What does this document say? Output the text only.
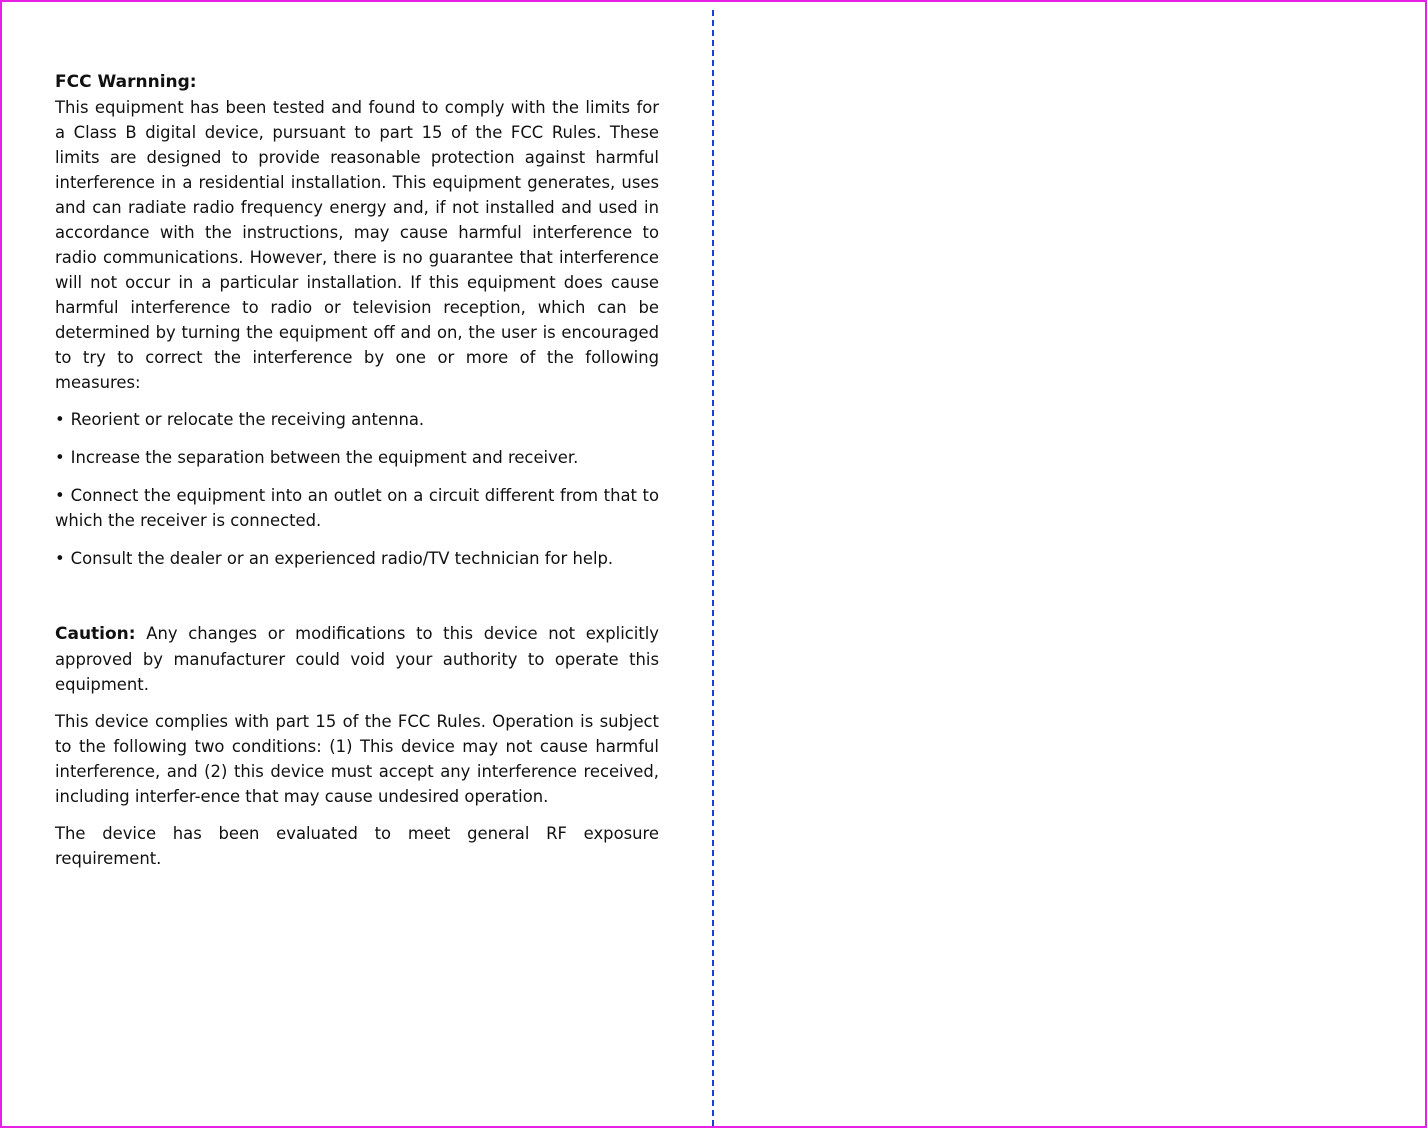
FCC Warnning:

This equipment has been tested and found to comply with the limits for a Class B digital device, pursuant to part 15 of the FCC Rules. These limits are designed to provide reasonable protection against harmful interference in a residential installation. This equipment generates, uses and can radiate radio frequency energy and, if not installed and used in accordance with the instructions, may cause harmful interference to radio communications. However, there is no guarantee that interference will not occur in a particular installation. If this equipment does cause harmful interference to radio or television reception, which can be determined by turning the equipment off and on, the user is encouraged to try to correct the interference by one or more of the following measures:

• Reorient or relocate the receiving antenna.

• Increase the separation between the equipment and receiver.

• Connect the equipment into an outlet on a circuit different from that to which the receiver is connected.

• Consult the dealer or an experienced radio/TV technician for help.

Caution: Any changes or modifications to this device not explicitly approved by manufacturer could void your authority to operate this equipment.

This device complies with part 15 of the FCC Rules. Operation is subject to the following two conditions: (1) This device may not cause harmful interference, and (2) this device must accept any interference received, including interfer-ence that may cause undesired operation.

The device has been evaluated to meet general RF exposure requirement.
